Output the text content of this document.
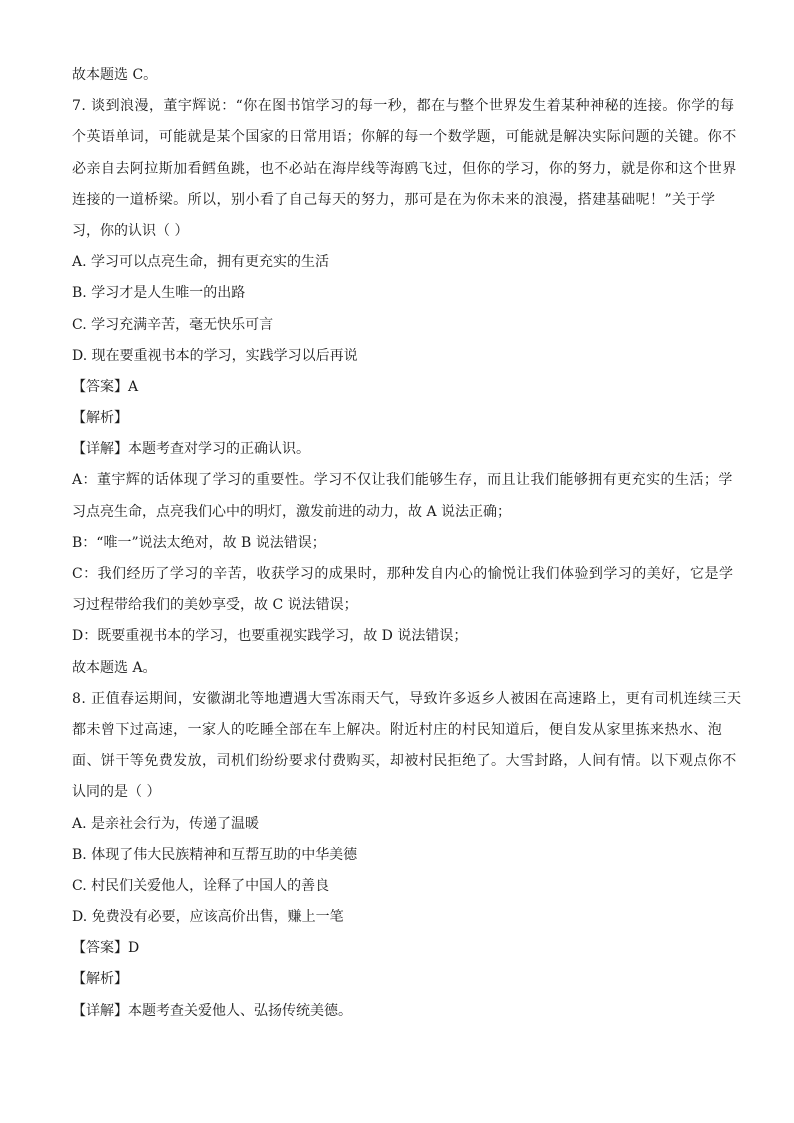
故本题选 C。
7. 谈到浪漫，董宇辉说：“你在图书馆学习的每一秒，都在与整个世界发生着某种神秘的连接。你学的每
个英语单词，可能就是某个国家的日常用语；你解的每一个数学题，可能就是解决实际问题的关键。你不
必亲自去阿拉斯加看鳕鱼跳，也不必站在海岸线等海鸥飞过，但你的学习，你的努力，就是你和这个世界
连接的一道桥梁。所以，别小看了自己每天的努力，那可是在为你未来的浪漫，搭建基础呢！”关于学
习，你的认识（ ）
A. 学习可以点亮生命，拥有更充实的生活
B. 学习才是人生唯一的出路
C. 学习充满辛苦，毫无快乐可言
D. 现在要重视书本的学习，实践学习以后再说
【答案】A
【解析】
【详解】本题考查对学习的正确认识。
A：董宇辉的话体现了学习的重要性。学习不仅让我们能够生存，而且让我们能够拥有更充实的生活；学
习点亮生命，点亮我们心中的明灯，激发前进的动力，故 A 说法正确；
B：“唯一”说法太绝对，故 B 说法错误；
C：我们经历了学习的辛苦，收获学习的成果时，那种发自内心的愉悦让我们体验到学习的美好，它是学
习过程带给我们的美妙享受，故 C 说法错误；
D：既要重视书本的学习，也要重视实践学习，故 D 说法错误；
故本题选 A。
8. 正值春运期间，安徽湖北等地遭遇大雪冻雨天气，导致许多返乡人被困在高速路上，更有司机连续三天
都未曾下过高速，一家人的吃睡全部在车上解决。附近村庄的村民知道后，便自发从家里拣来热水、泡
面、饼干等免费发放，司机们纷纷要求付费购买，却被村民拒绝了。大雪封路，人间有情。以下观点你不
认同的是（ ）
A. 是亲社会行为，传递了温暖
B. 体现了伟大民族精神和互帮互助的中华美德
C. 村民们关爱他人，诠释了中国人的善良
D. 免费没有必要，应该高价出售，赚上一笔
【答案】D
【解析】
【详解】本题考查关爱他人、弘扬传统美德。
